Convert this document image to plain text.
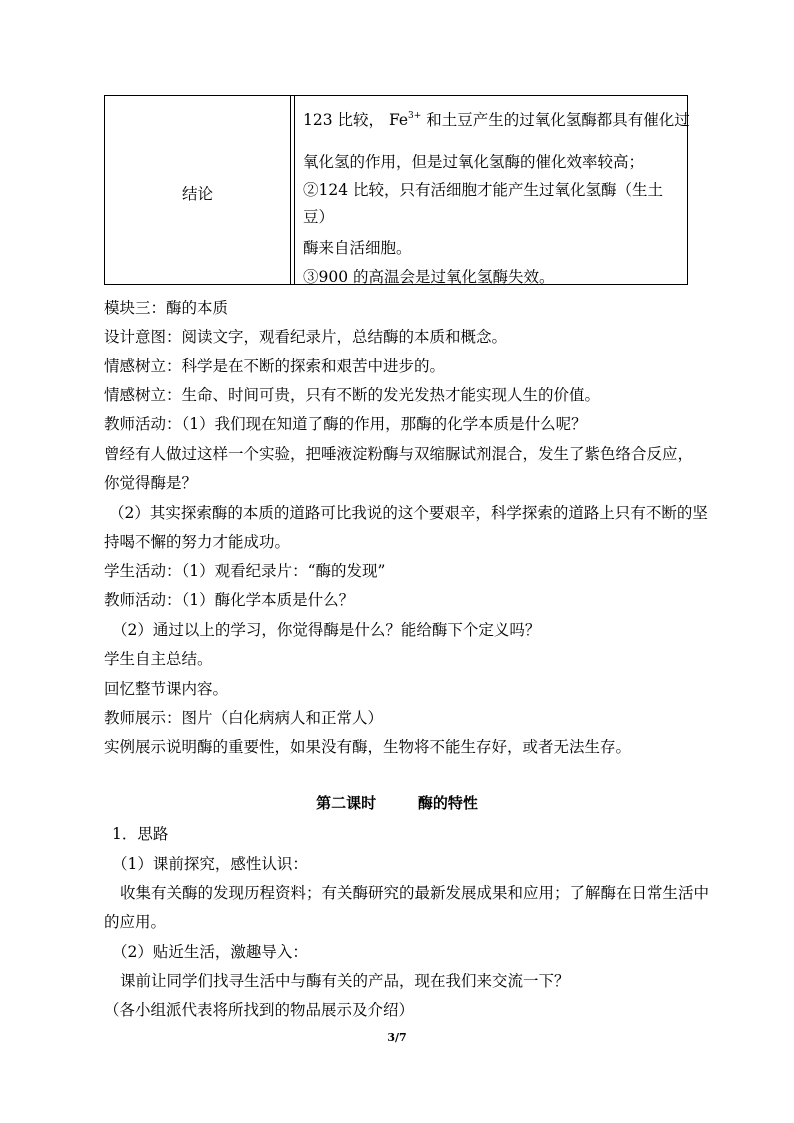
结论
123 比较， $Fe^{3+}$ 和土豆产生的过氧化氢酶都具有催化过
氧化氢的作用，但是过氧化氢酶的催化效率较高；
②124 比较，只有活细胞才能产生过氧化氢酶（生土
豆）
酶来自活细胞。
③900 的高温会是过氧化氢酶失效。
模块三：酶的本质
设计意图：阅读文字，观看纪录片，总结酶的本质和概念。
情感树立：科学是在不断的探索和艰苦中进步的。
情感树立：生命、时间可贵，只有不断的发光发热才能实现人生的价值。
教师活动：（1）我们现在知道了酶的作用，那酶的化学本质是什么呢？
曾经有人做过这样一个实验，把唾液淀粉酶与双缩脲试剂混合，发生了紫色络合反应，
你觉得酶是？
（2）其实探索酶的本质的道路可比我说的这个要艰辛，科学探索的道路上只有不断的坚
持喝不懈的努力才能成功。
学生活动：（1）观看纪录片：“酶的发现”
教师活动：（1）酶化学本质是什么？
（2）通过以上的学习，你觉得酶是什么？能给酶下个定义吗？
学生自主总结。
回忆整节课内容。
教师展示：图片（白化病病人和正常人）
实例展示说明酶的重要性，如果没有酶，生物将不能生存好，或者无法生存。
第二课时        酶的特性
1．思路
（1）课前探究，感性认识：
收集有关酶的发现历程资料；有关酶研究的最新发展成果和应用；了解酶在日常生活中
的应用。
（2）贴近生活，激趣导入：
课前让同学们找寻生活中与酶有关的产品，现在我们来交流一下？
（各小组派代表将所找到的物品展示及介绍）
3/7
